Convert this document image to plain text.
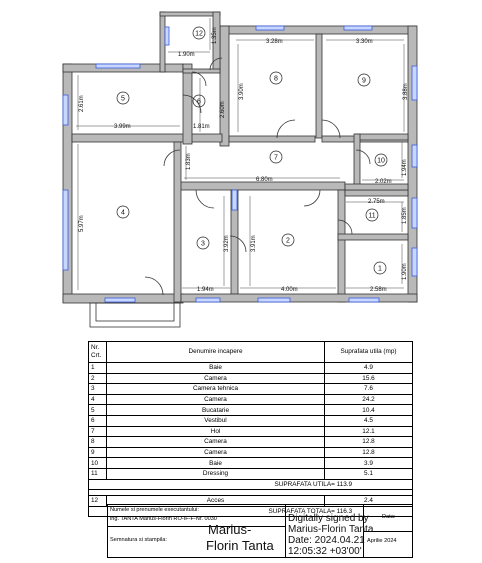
5	6
8	9
12
7	10
4
3	2
11
1
1.90m
1.35m	3.28m	3.30m
3.90m	3.88m
2.61m	2.60m
3.99m	1.81m
1.94m
2.02m
1.83m
6.80m
5.97m
2.75m
1.85m
3.92m	3.91m
1.90m
1.94m	4.00m	2.58m
Nr.
Crt.	Denumire incapere	Suprafata utila (mp)
1	Baie	4.9
2	Camera	15.6
3	Camera tehnica	7.6
4	Camera	24.2
5	Bucatarie	10.4
6	Vestibul	4.5
7	Hol	12.1
8	Camera	12.8
9	Camera	12.8
10	Baie	3.9
11	Dressing	5.1
	SUPRAFATA UTILA= 113.9	

12	Acces	2.4
	SUPRAFATA TOTALA= 116.3	
Numele si prenumele executantului:
ing. TANTA Marius-Florin RO-IF-F-Nr. 0030
Semnatura si stampila:
Marius-
Florin Tanta
Digitally signed by
Marius-Florin Tanta
Date: 2024.04.21
12:05:32 +03'00'
Data:
Aprilie 2024
